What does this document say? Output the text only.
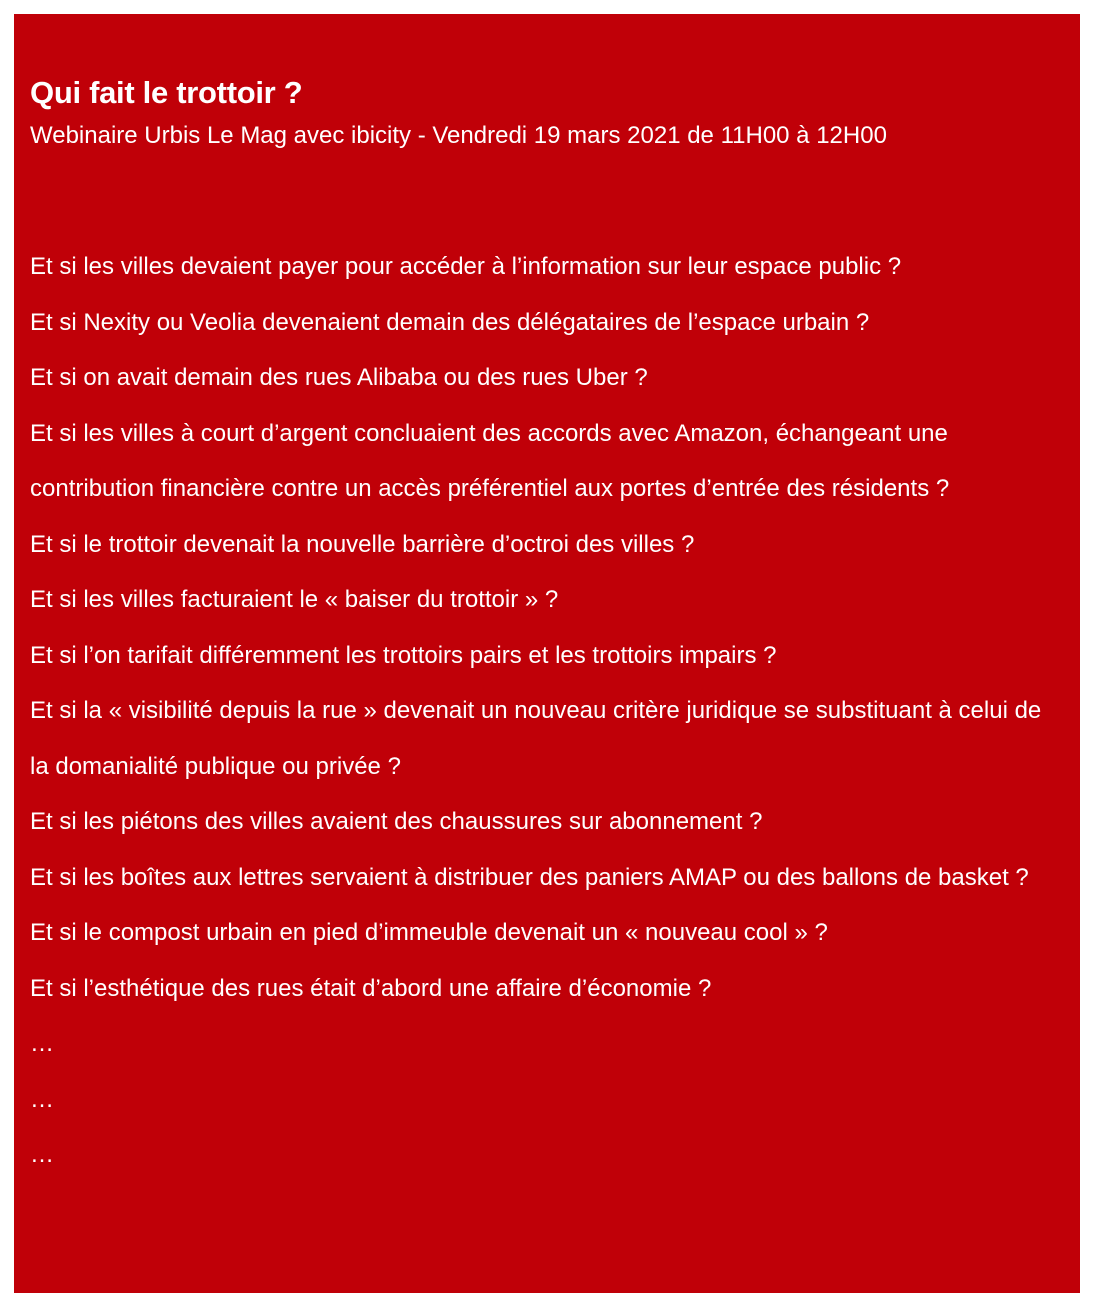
Qui fait le trottoir ?

Webinaire Urbis Le Mag avec ibicity - Vendredi 19 mars 2021 de 11H00 à 12H00

Et si les villes devaient payer pour accéder à l’information sur leur espace public ?
Et si Nexity ou Veolia devenaient demain des délégataires de l’espace urbain ?
Et si on avait demain des rues Alibaba ou des rues Uber ?
Et si les villes à court d’argent concluaient des accords avec Amazon, échangeant une contribution financière contre un accès préférentiel aux portes d’entrée des résidents ?
Et si le trottoir devenait la nouvelle barrière d’octroi des villes ?
Et si les villes facturaient le « baiser du trottoir » ?
Et si l’on tarifait différemment les trottoirs pairs et les trottoirs impairs ?
Et si la « visibilité depuis la rue » devenait un nouveau critère juridique se substituant à celui de la domanialité publique ou privée ?
Et si les piétons des villes avaient des chaussures sur abonnement ?
Et si les boîtes aux lettres servaient à distribuer des paniers AMAP ou des ballons de basket ?
Et si le compost urbain en pied d’immeuble devenait un « nouveau cool » ?
Et si l’esthétique des rues était d’abord une affaire d’économie ?
…
…
…
